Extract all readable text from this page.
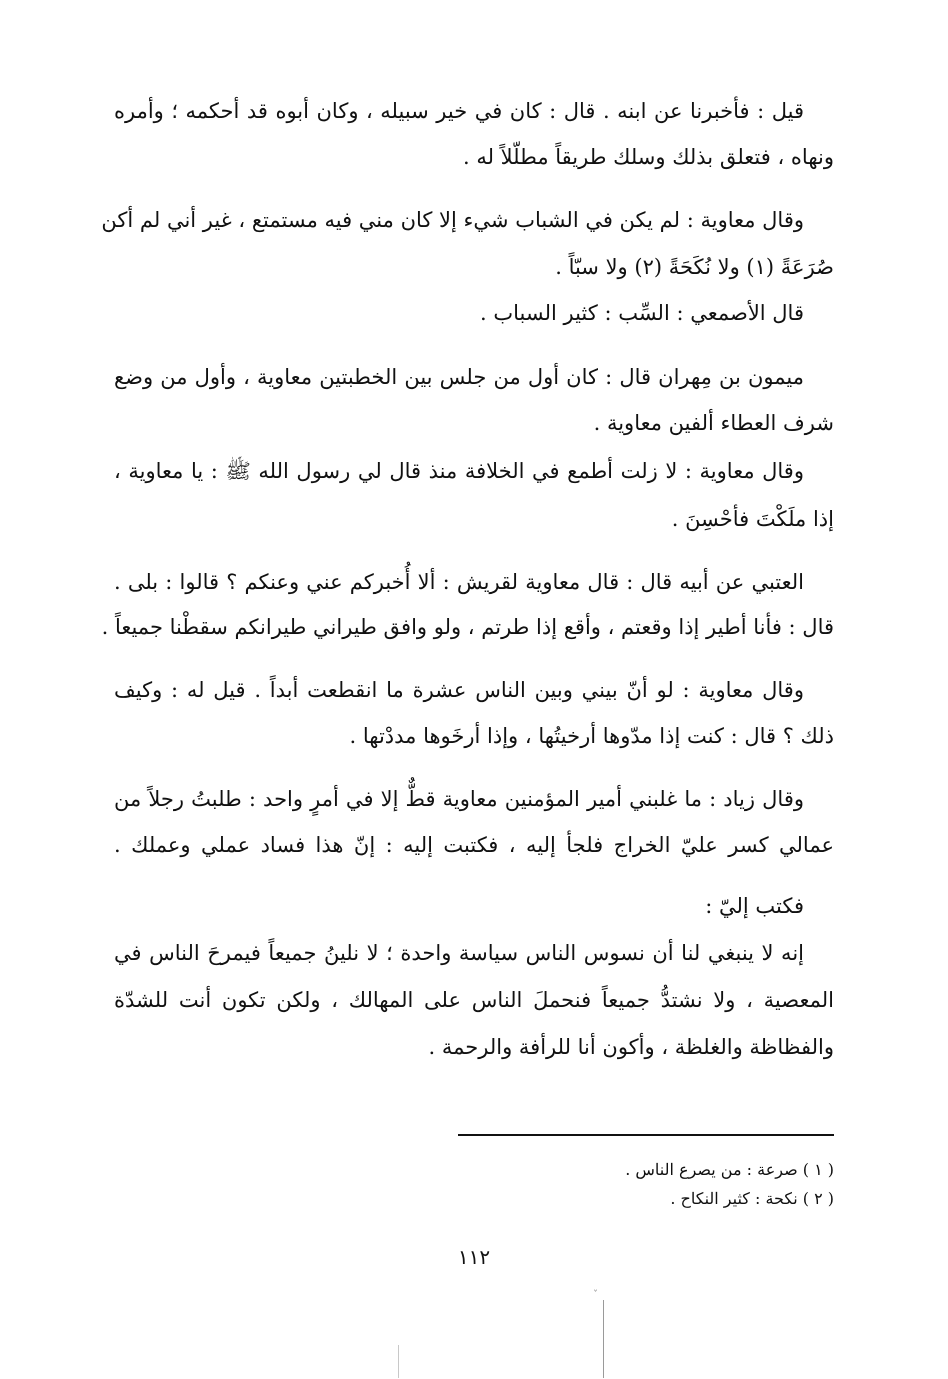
قيل : فأخبرنا عن ابنه . قال : كان في خير سبيله ، وكان أبوه قد أحكمه ؛ وأمره
ونهاه ، فتعلق بذلك وسلك طريقاً مطلّلاً له .
وقال معاوية : لم يكن في الشباب شيء إلا كان مني فيه مستمتع ، غير أني لم أكن
صُرَعَةً (١) ولا نُكَحَةً (٢) ولا سبّاً .
قال الأصمعي : السِّب : كثير السباب .
ميمون بن مِهران قال : كان أول من جلس بين الخطبتين معاوية ، وأول من وضع
شرف العطاء ألفين معاوية .
وقال معاوية : لا زلت أطمع في الخلافة منذ قال لي رسول الله ﷺ : يا معاوية ،
إذا ملَكْتَ فأحْسِنَ .
العتبي عن أبيه قال : قال معاوية لقريش : ألا أُخبركم عني وعنكم ؟ قالوا : بلى .
قال : فأنا أطير إذا وقعتم ، وأقع إذا طرتم ، ولو وافق طيراني طيرانكم سقطْنا جميعاً .
وقال معاوية : لو أنّ بيني وبين الناس عشرة ما انقطعت أبداً . قيل له : وكيف
ذلك ؟ قال : كنت إذا مدّوها أرخيتُها ، وإذا أرخَوها مددْتها .
وقال زياد : ما غلبني أمير المؤمنين معاوية قطٌّ إلا في أمرٍ واحد : طلبتُ رجلاً من
عمالي كسر عليّ الخراج فلجأ إليه ، فكتبت إليه : إنّ هذا فساد عملي وعملك .
فكتب إليّ :
إنه لا ينبغي لنا أن نسوس الناس سياسة واحدة ؛ لا نلينُ جميعاً فيمرحَ الناس في
المعصية ، ولا نشتدُّ جميعاً فنحملَ الناس على المهالك ، ولكن تكون أنت للشدّة
والفظاظة والغلظة ، وأكون أنا للرأفة والرحمة .
( ١ ) صرعة : من يصرع الناس .
( ٢ ) نكحة : كثير النكاح .
١١٢
ˇ
